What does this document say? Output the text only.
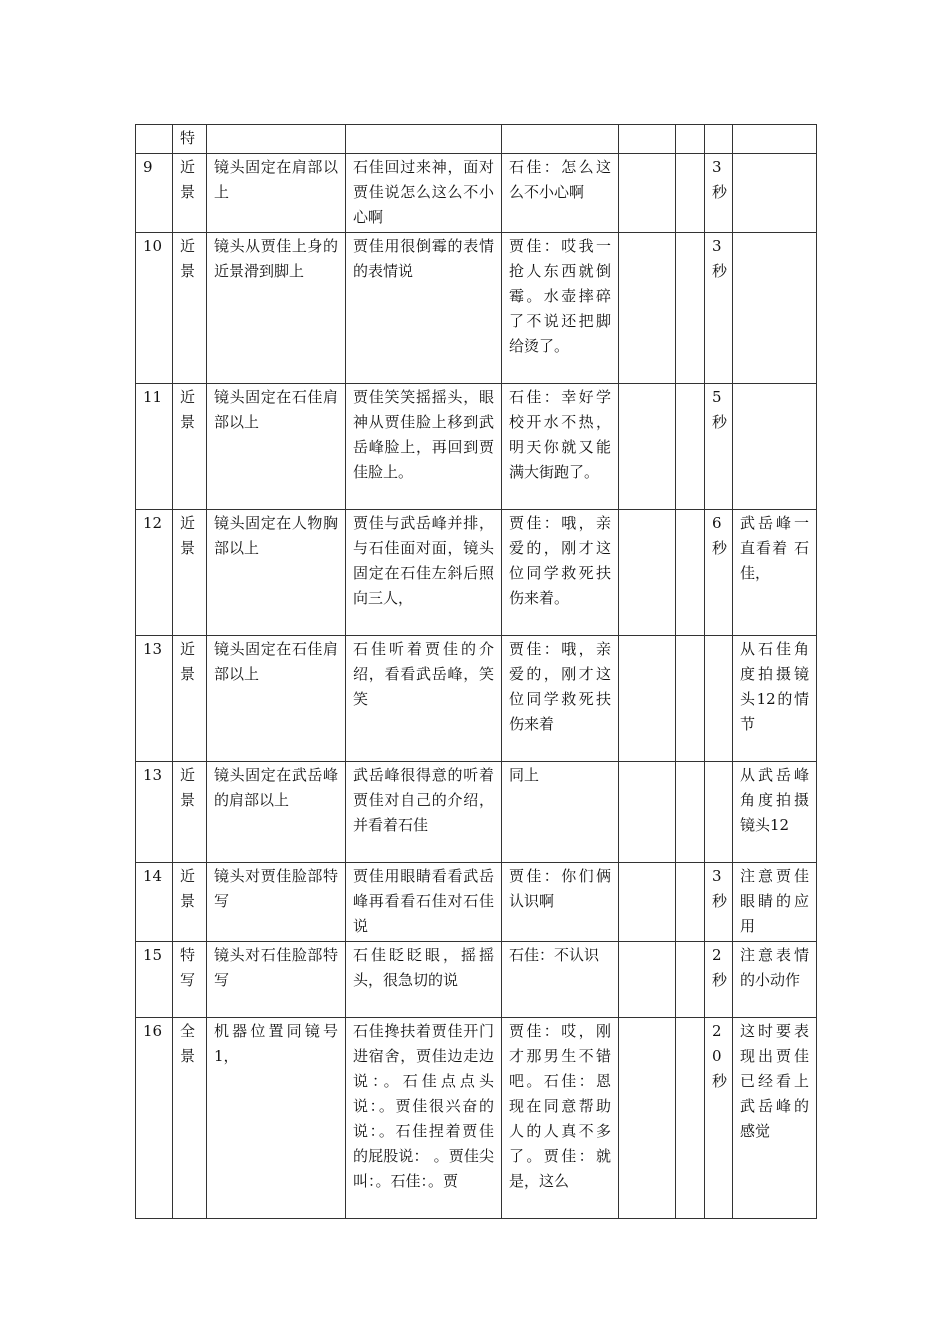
	特							
9	近景	镜头固定在肩部以上	石佳回过来神，面对贾佳说怎么这么不小心啊	石佳：怎么这么不小心啊			3秒	
10	近景	镜头从贾佳上身的近景滑到脚上	贾佳用很倒霉的表情的表情说	贾佳：哎我一抢人东西就倒霉。水壶摔碎了不说还把脚给烫了。			3秒	
11	近景	镜头固定在石佳肩部以上	贾佳笑笑摇摇头，眼神从贾佳脸上移到武岳峰脸上，再回到贾佳脸上。	石佳：幸好学校开水不热，明天你就又能满大街跑了。			5秒	
12	近景	镜头固定在人物胸部以上	贾佳与武岳峰并排，与石佳面对面，镜头固定在石佳左斜后照向三人，	贾佳：哦，亲爱的，刚才这位同学救死扶伤来着。			6秒	武岳峰一直看着 石佳，
13	近景	镜头固定在石佳肩部以上	石佳听着贾佳的介绍，看看武岳峰，笑笑	贾佳：哦，亲爱的，刚才这位同学救死扶伤来着				从石佳角度拍摄镜头12的情节
13	近景	镜头固定在武岳峰的肩部以上	武岳峰很得意的听着贾佳对自己的介绍，并看着石佳	同上				从武岳峰角度拍摄镜头12
14	近景	镜头对贾佳脸部特写	贾佳用眼睛看看武岳峰再看看石佳对石佳说	贾佳：你们俩认识啊			3秒	注意贾佳眼睛的应用
15	特写	镜头对石佳脸部特写	石佳眨眨眼，摇摇头，很急切的说	石佳：不认识			2秒	注意表情的小动作
16	全景	机器位置同镜号1，	石佳搀扶着贾佳开门进宿舍，贾佳边走边说：。石佳点点头说：。贾佳很兴奋的说：。石佳捏着贾佳的屁股说： 。贾佳尖叫：。石佳：。贾	贾佳：哎，刚才那男生不错吧。石佳：恩现在同意帮助人的人真不多了。贾佳：就是，这么			20秒	这时要表现出贾佳已经看上武岳峰的感觉
